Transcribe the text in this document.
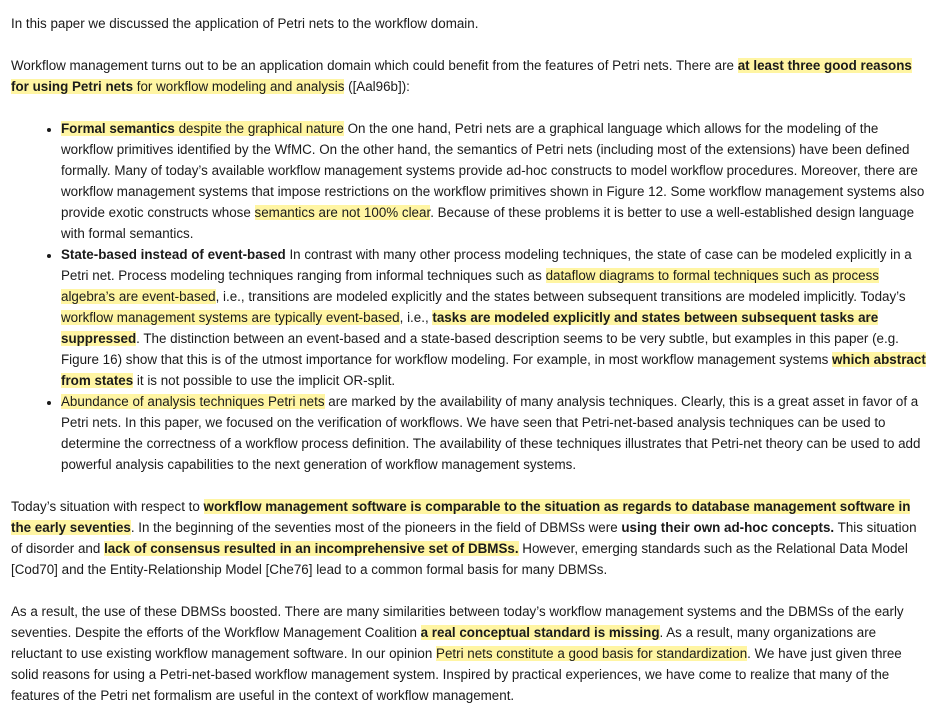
In this paper we discussed the application of Petri nets to the workflow domain.

Workflow management turns out to be an application domain which could benefit from the features of Petri nets. There are at least three good reasons for using Petri nets for workflow modeling and analysis ([Aal96b]):

• Formal semantics despite the graphical nature On the one hand, Petri nets are a graphical language which allows for the modeling of the workflow primitives identified by the WfMC. On the other hand, the semantics of Petri nets (including most of the extensions) have been defined formally. Many of today’s available workflow management systems provide ad-hoc constructs to model workflow procedures. Moreover, there are workflow management systems that impose restrictions on the workflow primitives shown in Figure 12. Some workflow management systems also provide exotic constructs whose semantics are not 100% clear. Because of these problems it is better to use a well-established design language with formal semantics.
• State-based instead of event-based In contrast with many other process modeling techniques, the state of case can be modeled explicitly in a Petri net. Process modeling techniques ranging from informal techniques such as dataflow diagrams to formal techniques such as process algebra’s are event-based, i.e., transitions are modeled explicitly and the states between subsequent transitions are modeled implicitly. Today’s workflow management systems are typically event-based, i.e., tasks are modeled explicitly and states between subsequent tasks are suppressed. The distinction between an event-based and a state-based description seems to be very subtle, but examples in this paper (e.g. Figure 16) show that this is of the utmost importance for workflow modeling. For example, in most workflow management systems which abstract from states it is not possible to use the implicit OR-split.
• Abundance of analysis techniques Petri nets are marked by the availability of many analysis techniques. Clearly, this is a great asset in favor of a Petri nets. In this paper, we focused on the verification of workflows. We have seen that Petri-net-based analysis techniques can be used to determine the correctness of a workflow process definition. The availability of these techniques illustrates that Petri-net theory can be used to add powerful analysis capabilities to the next generation of workflow management systems.

Today’s situation with respect to workflow management software is comparable to the situation as regards to database management software in the early seventies. In the beginning of the seventies most of the pioneers in the field of DBMSs were using their own ad-hoc concepts. This situation of disorder and lack of consensus resulted in an incomprehensive set of DBMSs. However, emerging standards such as the Relational Data Model [Cod70] and the Entity-Relationship Model [Che76] lead to a common formal basis for many DBMSs.

As a result, the use of these DBMSs boosted. There are many similarities between today’s workflow management systems and the DBMSs of the early seventies. Despite the efforts of the Workflow Management Coalition a real conceptual standard is missing. As a result, many organizations are reluctant to use existing workflow management software. In our opinion Petri nets constitute a good basis for standardization. We have just given three solid reasons for using a Petri-net-based workflow management system. Inspired by practical experiences, we have come to realize that many of the features of the Petri net formalism are useful in the context of workflow management.
